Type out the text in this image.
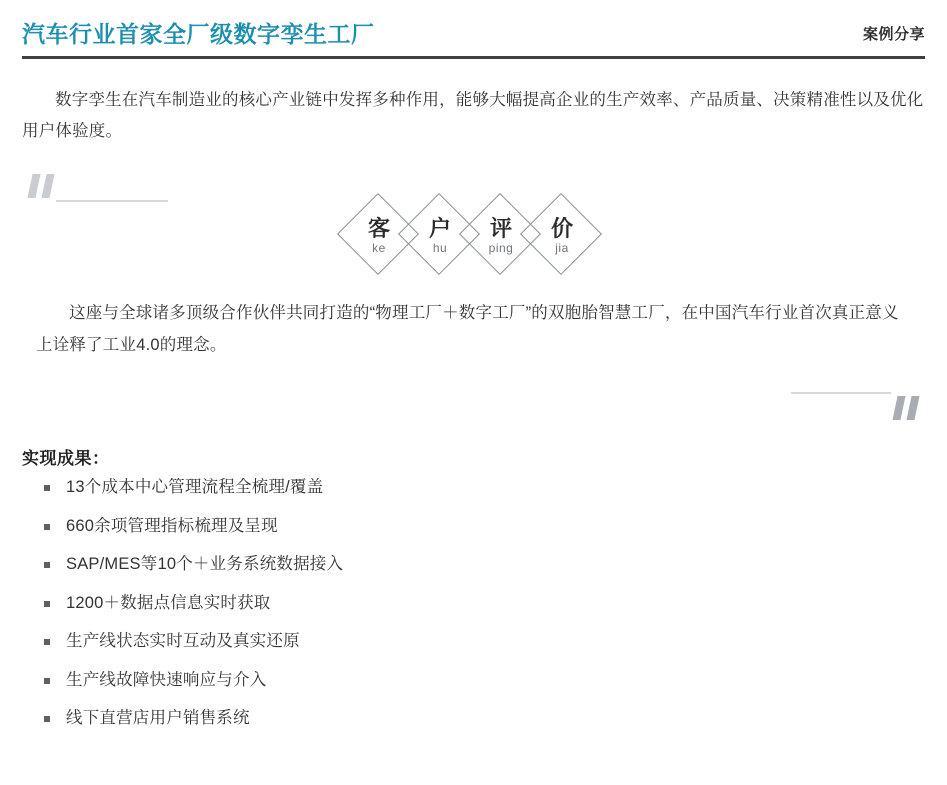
汽车行业首家全厂级数字孪生工厂	案例分享

数字孪生在汽车制造业的核心产业链中发挥多种作用，能够大幅提高企业的生产效率、产品质量、决策精准性以及优化用户体验度。

客
ke
户
hu
评
ping
价
jia

这座与全球诸多顶级合作伙伴共同打造的“物理工厂＋数字工厂”的双胞胎智慧工厂，在中国汽车行业首次真正意义上诠释了工业4.0的理念。

实现成果：
13个成本中心管理流程全梳理/覆盖
660余项管理指标梳理及呈现
SAP/MES等10个＋业务系统数据接入
1200＋数据点信息实时获取
生产线状态实时互动及真实还原
生产线故障快速响应与介入
线下直营店用户销售系统
